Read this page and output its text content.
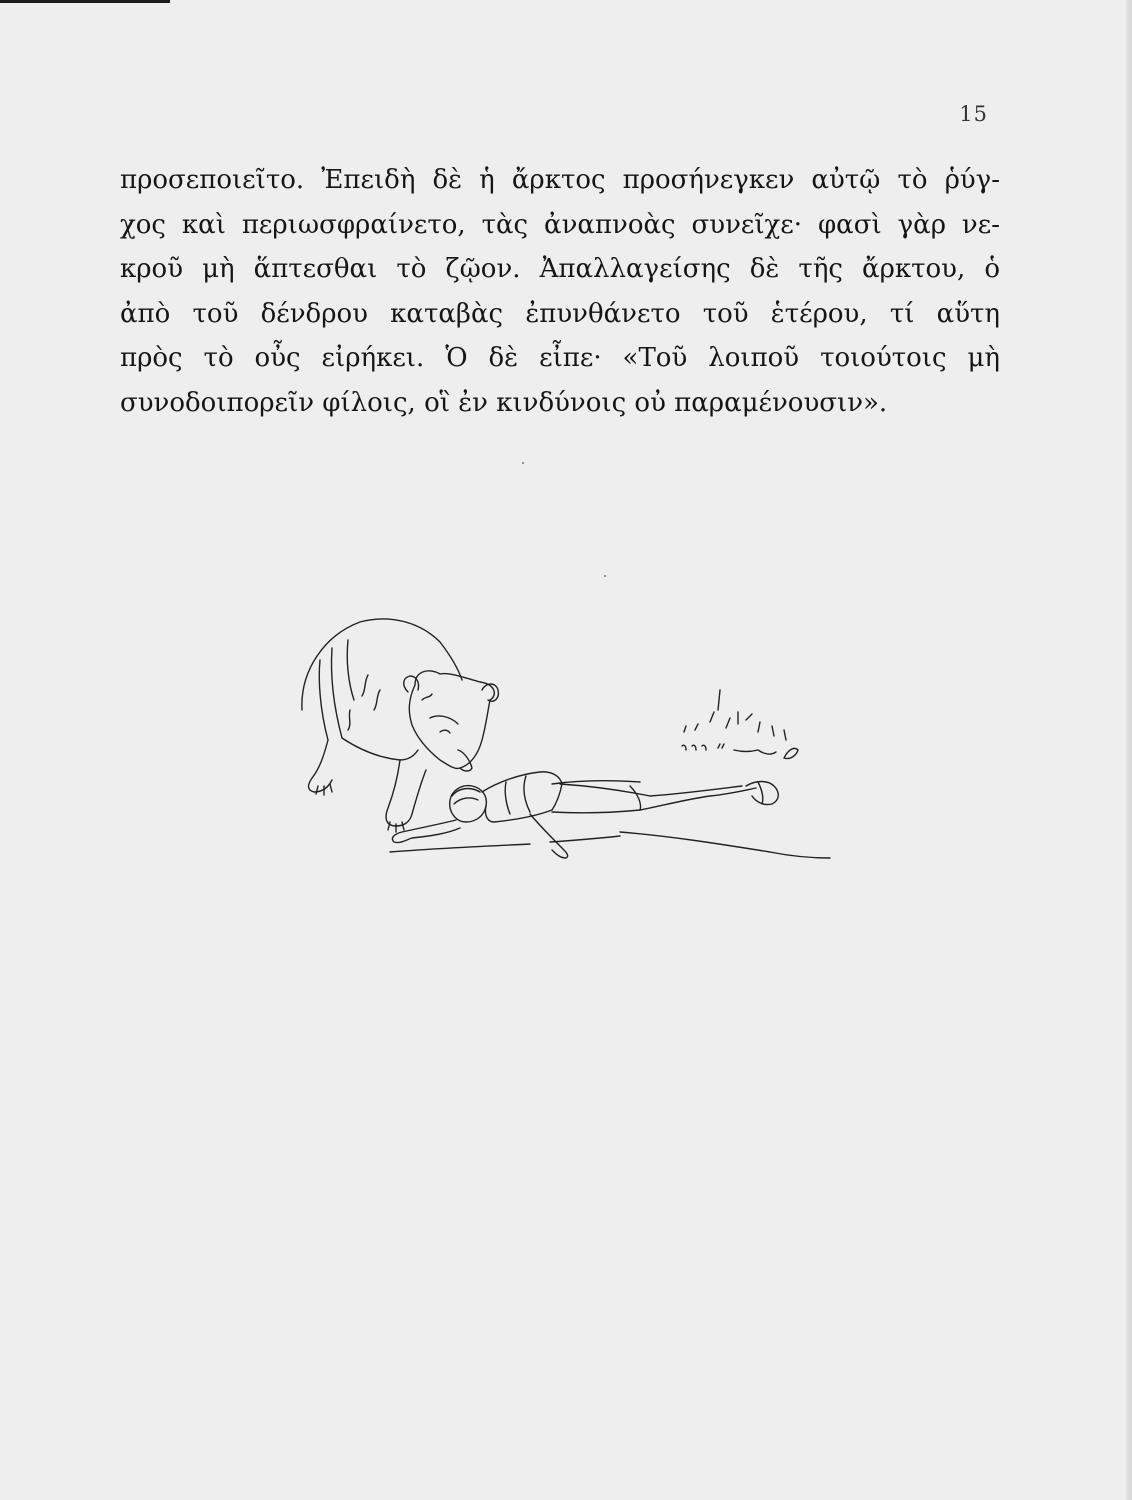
15

προσεποιεῖτο. Ἐπειδὴ δὲ ἡ ἄρκτος προσήνεγκεν αὐτῷ τὸ ῥύγ-
χος καὶ περιωσφραίνετο, τὰς ἀναπνοὰς συνεῖχε· φασὶ γὰρ νε-
κροῦ μὴ ἅπτεσθαι τὸ ζῷον. Ἀπαλλαγείσης δὲ τῆς ἄρκτου, ὁ
ἀπὸ τοῦ δένδρου καταβὰς ἐπυνθάνετο τοῦ ἑτέρου, τί αὕτη
πρὸς τὸ οὖς εἰρήκει. Ὁ δὲ εἶπε· «Τοῦ λοιποῦ τοιούτοις μὴ
συνοδοιπορεῖν φίλοις, οἳ ἐν κινδύνοις οὐ παραμένουσιν».
